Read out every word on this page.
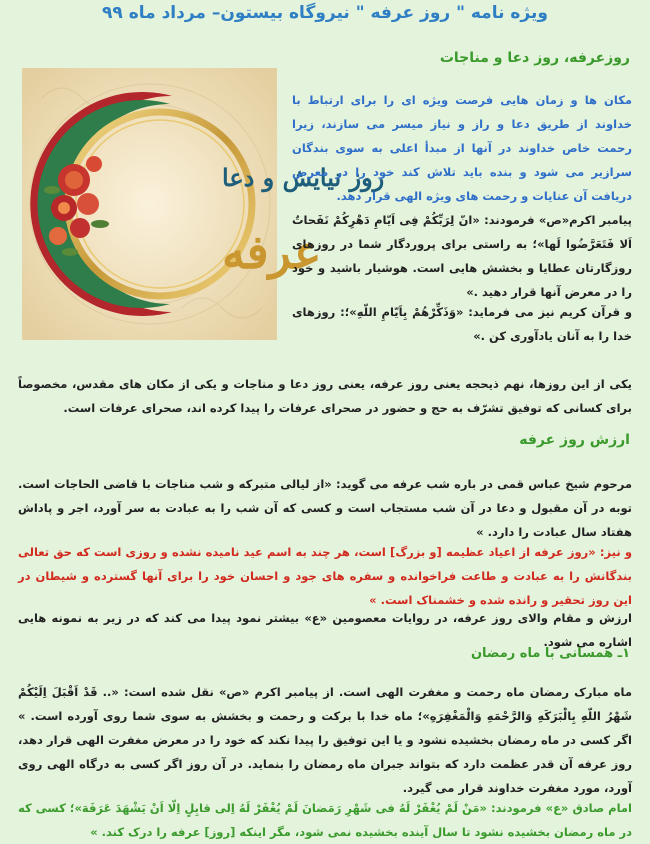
ویژه نامه " روز عرفه " نیروگاه بیستون– مرداد ماه ۹۹
روز نیایش و دعا
عرفه
روزعرفه، روز دعا و مناجات
مکان ها و زمان هایی فرصت ویژه ای را برای ارتباط با خداوند از طریق دعا و راز و نیاز میسر می سازند، زیرا رحمت خاص خداوند در آنها از مبدأ اعلی به سوی بندگان سرازیر می شود و بنده باید تلاش کند خود را در معرض دریافت آن عنایات و رحمت های ویژه الهی قرار دهد.
پیامبر اکرم«ص» فرمودند: «انّ لِرَبِّکُمْ فِی اَیّامِ دَهْرِکُمْ نَفَحاتٌ اَلا فَتَعَرَّضُوا لَها»؛ به راستی برای پروردگار شما در روزهای روزگارتان عطایا و بخشش هایی است. هوشیار باشید و خود را در معرض آنها قرار دهید .»
و قرآن کریم نیز می فرماید: «وَذَکِّرْهُمْ بِاَیّامِ اللّهِ»؛: روزهای خدا را به آنان یادآوری کن .»
یکی از این روزها، نهم ذیحجه یعنی روز عرفه، یعنی روز دعا و مناجات و یکی از مکان های مقدس، مخصوصاً برای کسانی که توفیق تشرّف به حج و حضور در صحرای عرفات را پیدا کرده اند، صحرای عرفات است.
ارزش روز عرفه
مرحوم شیخ عباس قمی در باره شب عرفه می گوید: «از لیالی متبرکه و شب مناجات با قاضی الحاجات است. توبه در آن مقبول و دعا در آن شب مستجاب است و کسی که آن شب را به عبادت به سر آورد، اجر و پاداش هفتاد سال عبادت را دارد. »
و نیز: «روز عرفه از اعیاد عظیمه [و بزرگ] است، هر چند به اسم عید نامیده نشده و روزی است که حق تعالی بندگانش را به عبادت و طاعت فراخوانده و سفره های جود و احسان خود را برای آنها گسترده و شیطان در این روز تحقیر و رانده شده و خشمناک است. »
ارزش و مقام والای روز عرفه، در روایات معصومین «ع» بیشتر نمود پیدا می کند که در زیر به نمونه هایی اشاره می شود.
۱ـ همسانی با ماه رمضان
ماه مبارک رمضان ماه رحمت و مغفرت الهی است. از پیامبر اکرم «ص» نقل شده است: «.. قَدْ اَقْبَلَ اِلَیْکُمْ شَهْرُ اللّهِ بِالْبَرَکَهِ وَالرَّحْمَهِ وَالْمَغْفِرَهِ»؛ ماه خدا با برکت و رحمت و بخشش به سوی شما روی آورده است. » اگر کسی در ماه رمضان بخشیده نشود و یا این توفیق را پیدا نکند که خود را در معرض مغفرت الهی قرار دهد، روز عرفه آن قدر عظمت دارد که بتواند جبران ماه رمضان را بنماید. در آن روز اگر کسی به درگاه الهی روی آورد، مورد مغفرت خداوند قرار می گیرد.
امام صادق «ع» فرمودند: «مَنْ لَمْ یُغْفَرْ لَهُ فی شَهْرِ رَمَضانَ لَمْ یُغْفَرْ لَهُ اِلی قابِلٍ اِلّا اَنْ یَشْهَدَ عَرَفَهَ»؛ کسی که در ماه رمضان بخشیده نشود تا سال آینده بخشیده نمی شود، مگر اینکه [روز] عرفه را درک کند. »
